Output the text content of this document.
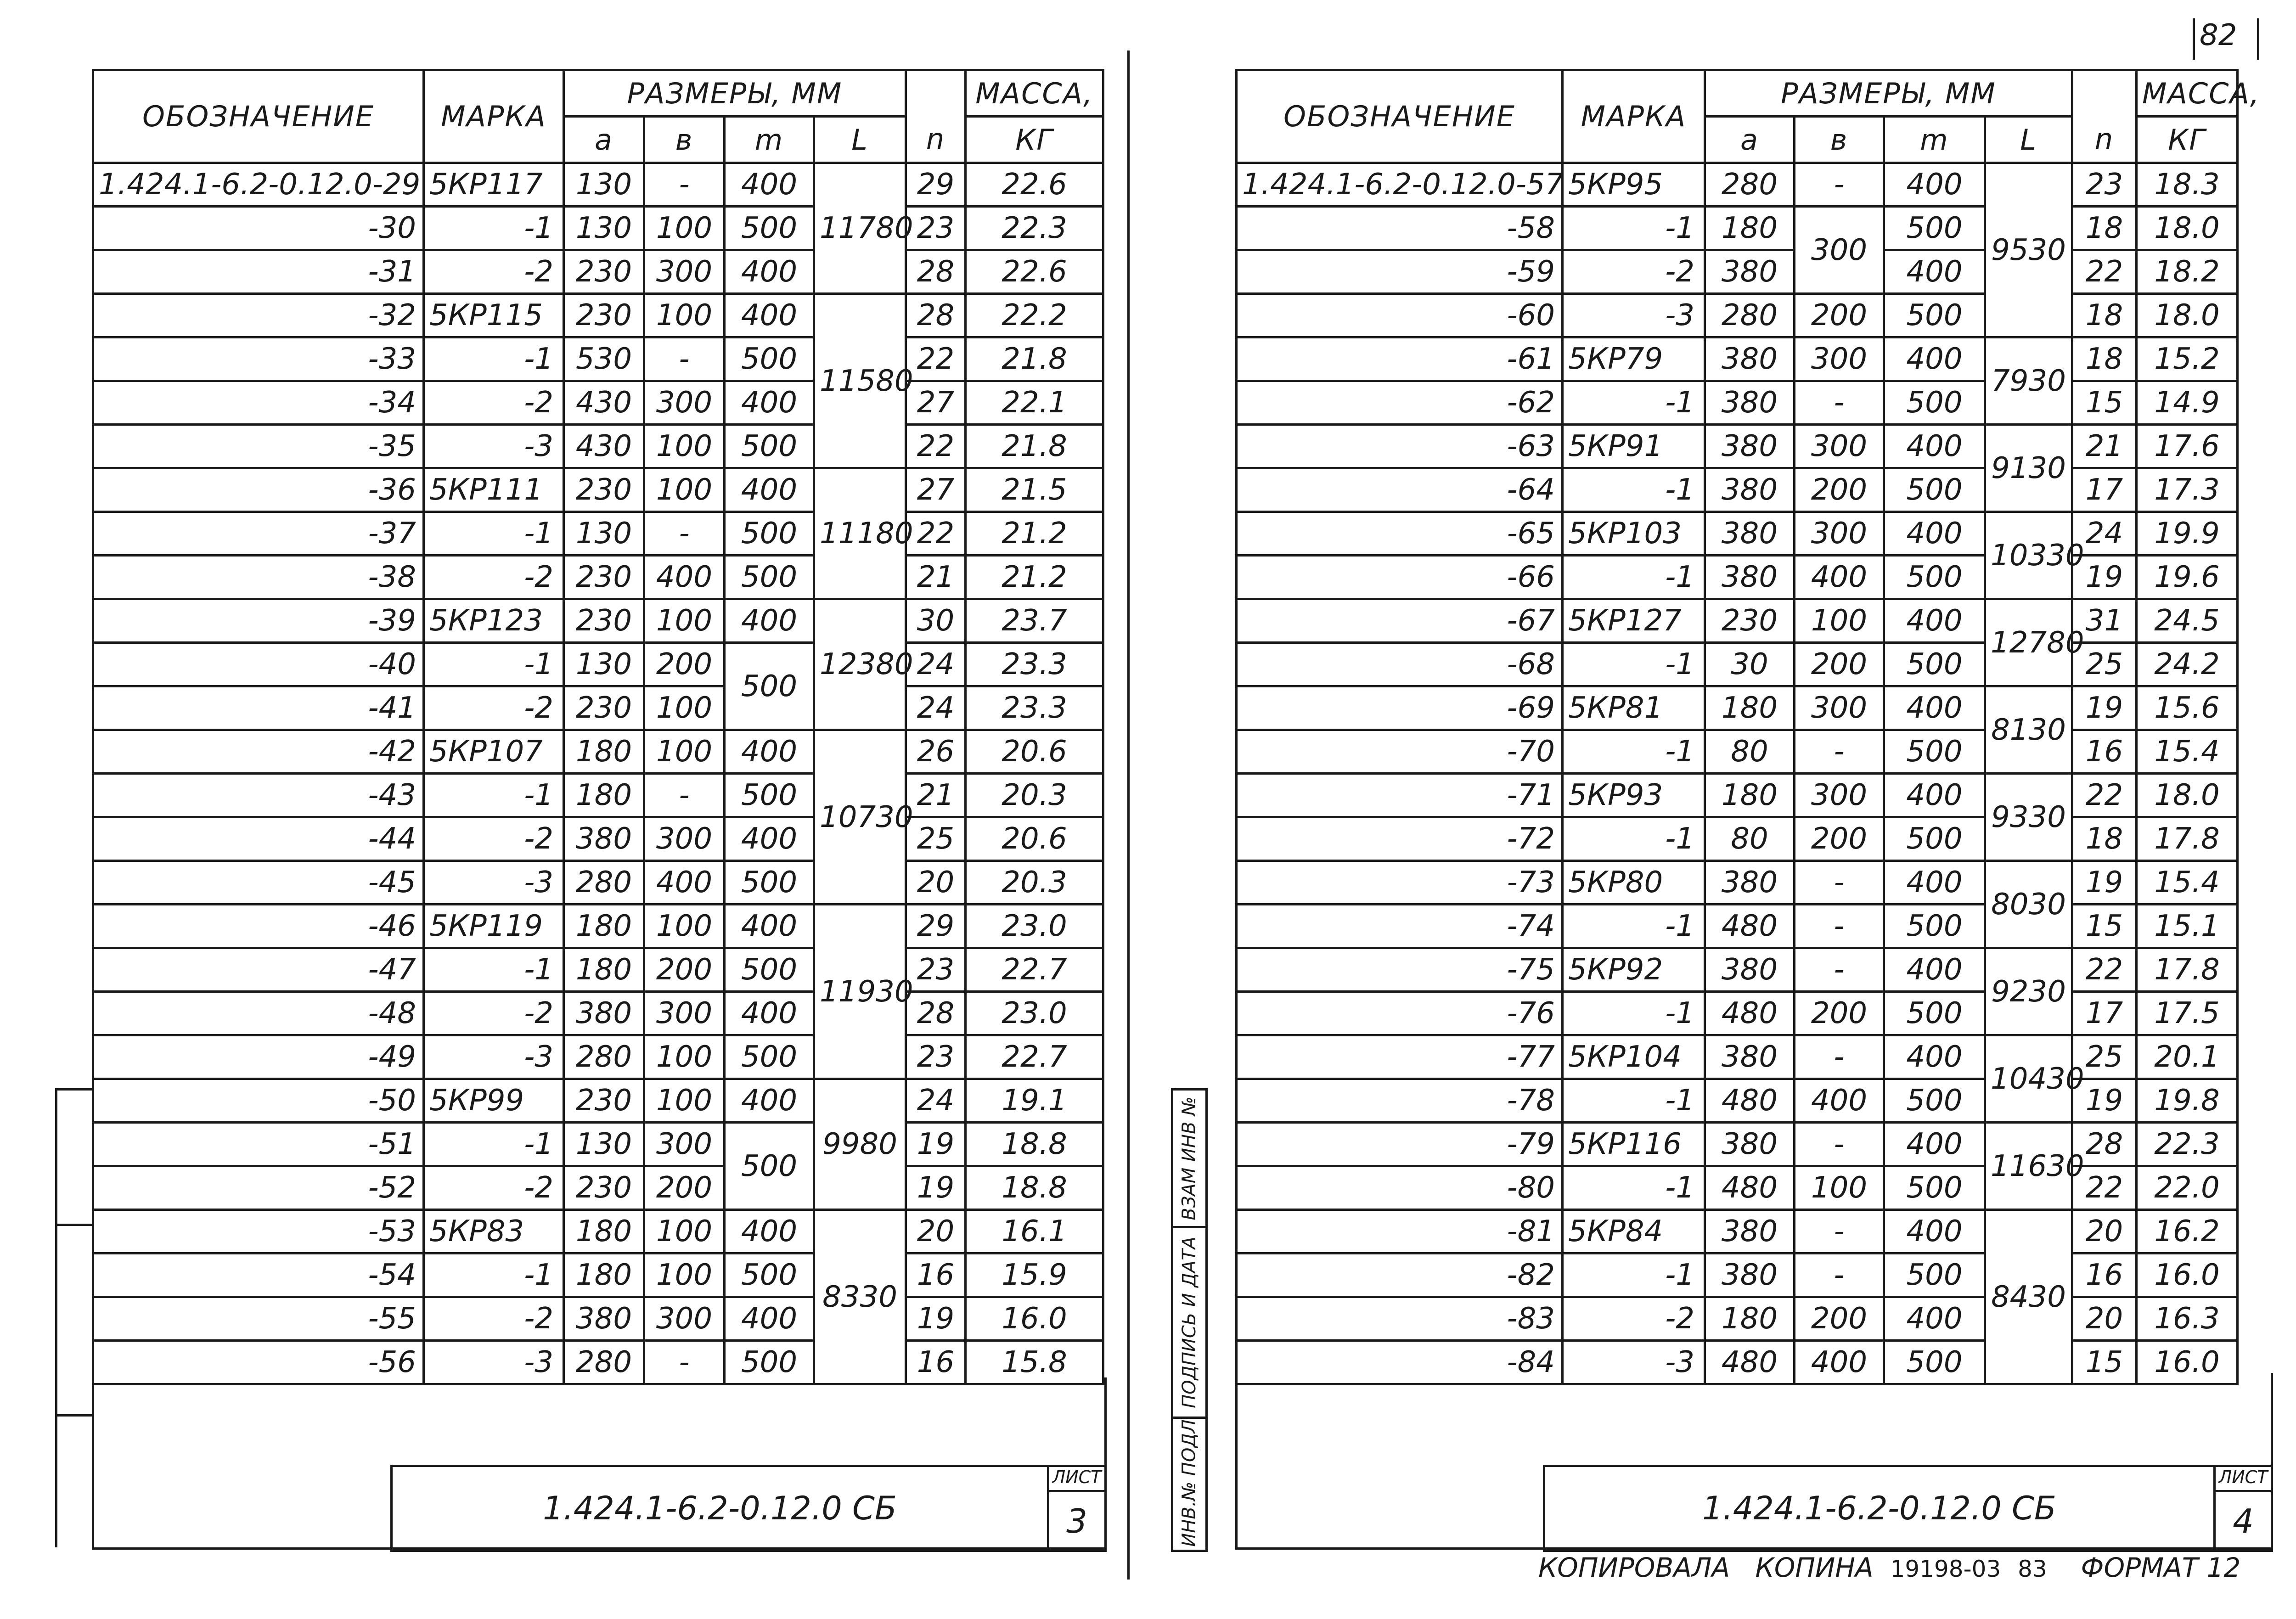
82
ОБОЗНАЧЕНИЕ	МАРКА	РАЗМЕРЫ, ММ					МАССА,
		a	в	m	L	n	КГ
1.424.1-6.2-0.12.0-29	5КР117	130	-	400	11780	29	22.6
-30	-1	130	100	500		23	22.3
-31	-2	230	300	400		28	22.6
-32	5КР115	230	100	400	11580	28	22.2
-33	-1	530	-	500		22	21.8
-34	-2	430	300	400		27	22.1
-35	-3	430	100	500		22	21.8
-36	5КР111	230	100	400	11180	27	21.5
-37	-1	130	-	500		22	21.2
-38	-2	230	400	500		21	21.2
-39	5КР123	230	100	400	12380	30	23.7
-40	-1	130	200	500		24	23.3
-41	-2	230	100			24	23.3
-42	5КР107	180	100	400	10730	26	20.6
-43	-1	180	-	500		21	20.3
-44	-2	380	300	400		25	20.6
-45	-3	280	400	500		20	20.3
-46	5КР119	180	100	400	11930	29	23.0
-47	-1	180	200	500		23	22.7
-48	-2	380	300	400		28	23.0
-49	-3	280	100	500		23	22.7
-50	5КР99	230	100	400	9980	24	19.1
-51	-1	130	300	500		19	18.8
-52	-2	230	200			19	18.8
-53	5КР83	180	100	400	8330	20	16.1
-54	-1	180	100	500		16	15.9
-55	-2	380	300	400		19	16.0
-56	-3	280	-	500		16	15.8
1.424.1-6.2-0.12.0 СБ
ЛИСТ
3
ОБОЗНАЧЕНИЕ	МАРКА	РАЗМЕРЫ, ММ					МАССА,
		a	в	m	L	n	КГ
1.424.1-6.2-0.12.0-57	5КР95	280	-	400	9530	23	18.3
-58	-1	180	300	500		18	18.0
-59	-2	380		400		22	18.2
-60	-3	280	200	500		18	18.0
-61	5КР79	380	300	400	7930	18	15.2
-62	-1	380	-	500		15	14.9
-63	5КР91	380	300	400	9130	21	17.6
-64	-1	380	200	500		17	17.3
-65	5КР103	380	300	400	10330	24	19.9
-66	-1	380	400	500		19	19.6
-67	5КР127	230	100	400	12780	31	24.5
-68	-1	30	200	500		25	24.2
-69	5КР81	180	300	400	8130	19	15.6
-70	-1	80	-	500		16	15.4
-71	5КР93	180	300	400	9330	22	18.0
-72	-1	80	200	500		18	17.8
-73	5КР80	380	-	400	8030	19	15.4
-74	-1	480	-	500		15	15.1
-75	5КР92	380	-	400	9230	22	17.8
-76	-1	480	200	500		17	17.5
-77	5КР104	380	-	400	10430	25	20.1
-78	-1	480	400	500		19	19.8
-79	5КР116	380	-	400	11630	28	22.3
-80	-1	480	100	500		22	22.0
-81	5КР84	380	-	400	8430	20	16.2
-82	-1	380	-	500		16	16.0
-83	-2	180	200	400		20	16.3
-84	-3	480	400	500		15	16.0
1.424.1-6.2-0.12.0 СБ
ЛИСТ
4
ВЗАМ ИНВ №
ПОДПИСЬ И ДАТА
ИНВ.№ ПОДЛ
КОПИРОВАЛА КОПИНА 19198-03 83 ФОРМАТ 12
